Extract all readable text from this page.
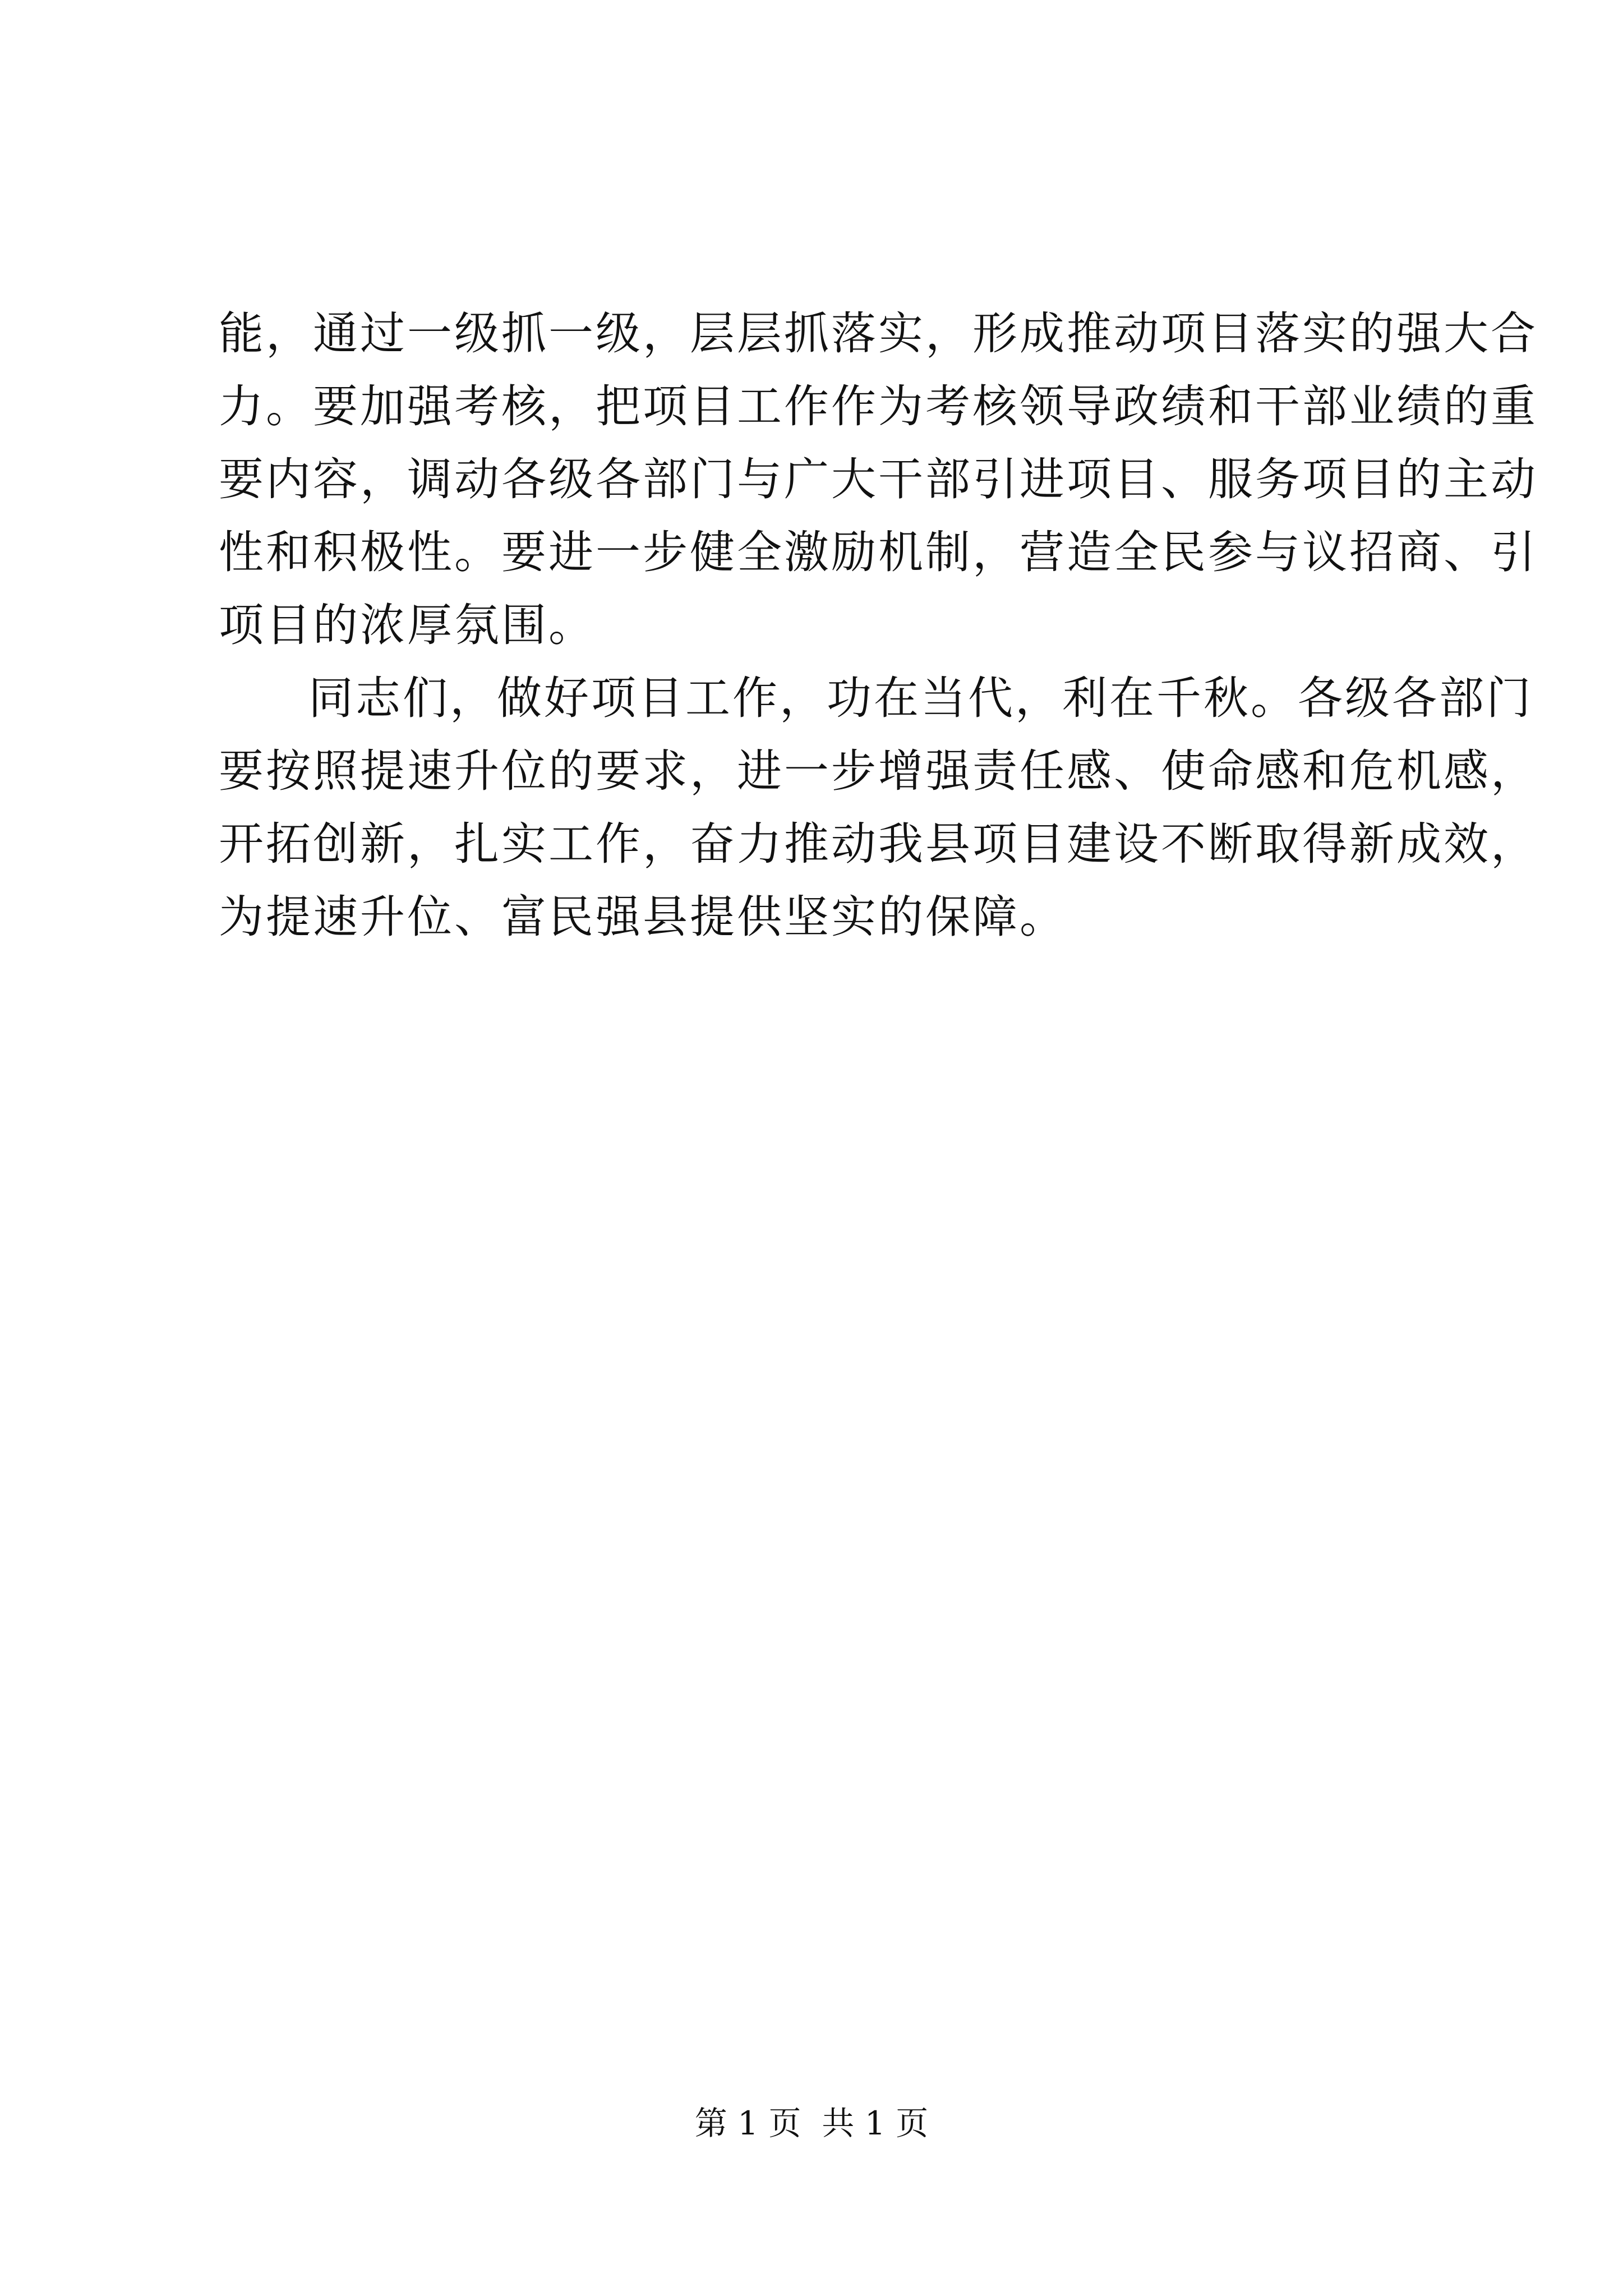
能，通过一级抓一级，层层抓落实，形成推动项目落实的强大合
力。要加强考核，把项目工作作为考核领导政绩和干部业绩的重
要内容，调动各级各部门与广大干部引进项目、服务项目的主动
性和积极性。要进一步健全激励机制，营造全民参与议招商、引
项目的浓厚氛围。
同志们，做好项目工作，功在当代，利在千秋。各级各部门
要按照提速升位的要求，进一步增强责任感、使命感和危机感，
开拓创新，扎实工作，奋力推动我县项目建设不断取得新成效，
为提速升位、富民强县提供坚实的保障。
第 1 页  共 1 页
